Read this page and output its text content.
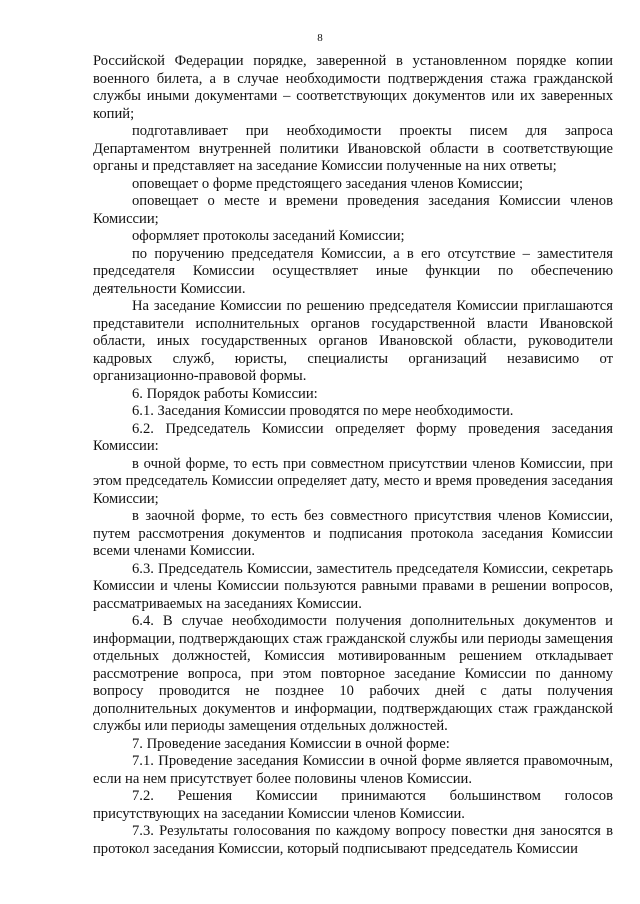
8

Российской Федерации порядке, заверенной в установленном порядке копии военного билета, а в случае необходимости подтверждения стажа гражданской службы иными документами – соответствующих документов или их заверенных копий;

подготавливает при необходимости проекты писем для запроса Департаментом внутренней политики Ивановской области в соответствующие органы и представляет на заседание Комиссии полученные на них ответы;

оповещает о форме предстоящего заседания членов Комиссии;

оповещает о месте и времени проведения заседания Комиссии членов Комиссии;

оформляет протоколы заседаний Комиссии;

по поручению председателя Комиссии, а в его отсутствие – заместителя председателя Комиссии осуществляет иные функции по обеспечению деятельности Комиссии.

На заседание Комиссии по решению председателя Комиссии приглашаются представители исполнительных органов государственной власти Ивановской области, иных государственных органов Ивановской области, руководители кадровых служб, юристы, специалисты организаций независимо от организационно-правовой формы.

6. Порядок работы Комиссии:

6.1. Заседания Комиссии проводятся по мере необходимости.

6.2. Председатель Комиссии определяет форму проведения заседания Комиссии:

в очной форме, то есть при совместном присутствии членов Комиссии, при этом председатель Комиссии определяет дату, место и время проведения заседания Комиссии;

в заочной форме, то есть без совместного присутствия членов Комиссии, путем рассмотрения документов и подписания протокола заседания Комиссии всеми членами Комиссии.

6.3. Председатель Комиссии, заместитель председателя Комиссии, секретарь Комиссии и члены Комиссии пользуются равными правами в решении вопросов, рассматриваемых на заседаниях Комиссии.

6.4. В случае необходимости получения дополнительных документов и информации, подтверждающих стаж гражданской службы или периоды замещения отдельных должностей, Комиссия мотивированным решением откладывает рассмотрение вопроса, при этом повторное заседание Комиссии по данному вопросу проводится не позднее 10 рабочих дней с даты получения дополнительных документов и информации, подтверждающих стаж гражданской службы или периоды замещения отдельных должностей.

7. Проведение заседания Комиссии в очной форме:

7.1. Проведение заседания Комиссии в очной форме является правомочным, если на нем присутствует более половины членов Комиссии.

7.2. Решения Комиссии принимаются большинством голосов присутствующих на заседании Комиссии членов Комиссии.

7.3. Результаты голосования по каждому вопросу повестки дня заносятся в протокол заседания Комиссии, который подписывают председатель Комиссии
